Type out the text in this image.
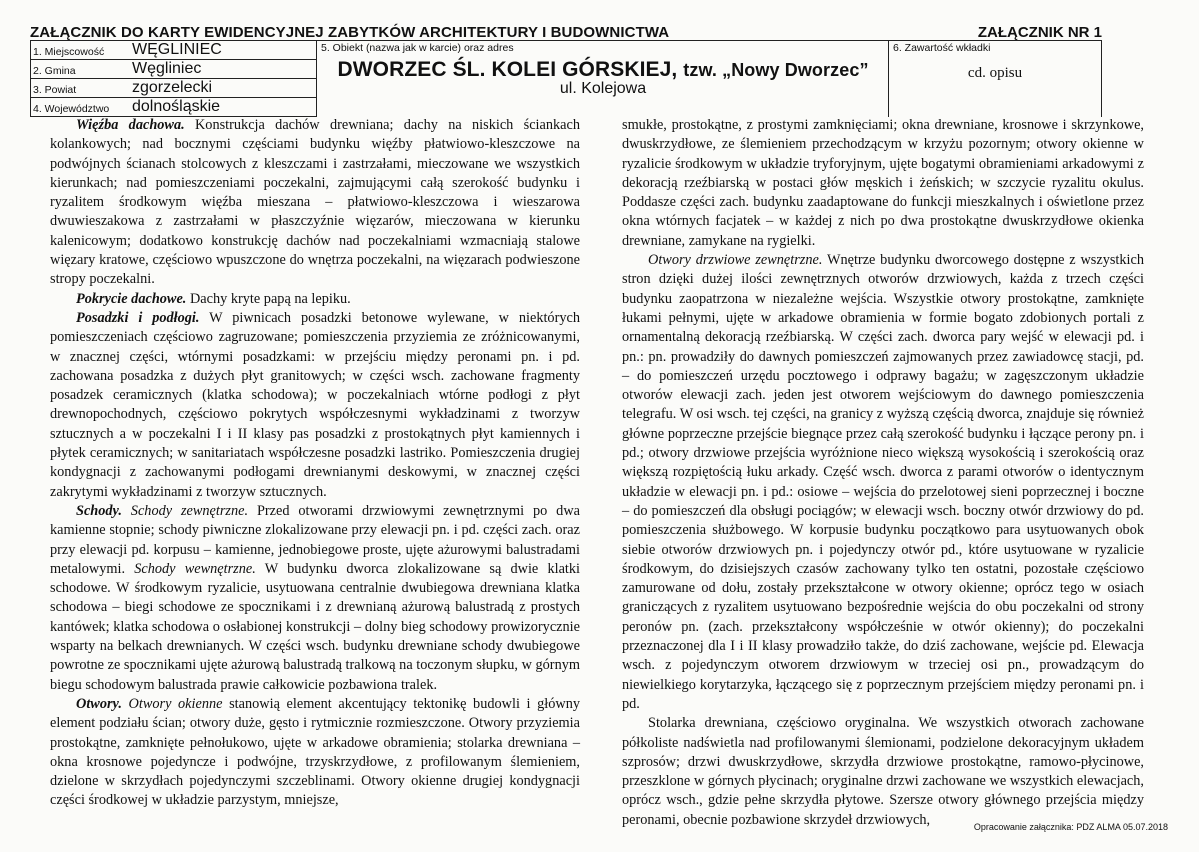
ZAŁĄCZNIK DO KARTY EWIDENCYJNEJ ZABYTKÓW ARCHITEKTURY I BUDOWNICTWA	ZAŁĄCZNIK NR 1
1. Miejscowość WĘGLINIEC
2. Gmina	Węgliniec
3. Powiat	zgorzelecki
4. Województwo dolnośląskie
5. Obiekt (nazwa jak w karcie) oraz adres
DWORZEC ŚL. KOLEI GÓRSKIEJ, tzw. „Nowy Dworzec”
ul. Kolejowa
6. Zawartość wkładki
cd. opisu

Więźba dachowa. Konstrukcja dachów drewniana; dachy na niskich ściankach kolankowych; nad bocznymi częściami budynku więźby płatwiowo-kleszczowe na podwójnych ścianach stolcowych z kleszczami i zastrzałami, mieczowane we wszystkich kierunkach; nad pomieszczeniami poczekalni, zajmującymi całą szerokość budynku i ryzalitem środkowym więźba mieszana – płatwiowo-kleszczowa i wieszarowa dwuwieszakowa z zastrzałami w płaszczyźnie więzarów, mieczowana w kierunku kalenicowym; dodatkowo konstrukcję dachów nad poczekalniami wzmacniają stalowe więzary kratowe, częściowo wpuszczone do wnętrza poczekalni, na więzarach podwieszone stropy poczekalni.

Pokrycie dachowe. Dachy kryte papą na lepiku.

Posadzki i podłogi. W piwnicach posadzki betonowe wylewane, w niektórych pomieszczeniach częściowo zagruzowane; pomieszczenia przyziemia ze zróżnicowanymi, w znacznej części, wtórnymi posadzkami: w przejściu między peronami pn. i pd. zachowana posadzka z dużych płyt granitowych; w części wsch. zachowane fragmenty posadzek ceramicznych (klatka schodowa); w poczekalniach wtórne podłogi z płyt drewnopochodnych, częściowo pokrytych współczesnymi wykładzinami z tworzyw sztucznych a w poczekalni I i II klasy pas posadzki z prostokątnych płyt kamiennych i płytek ceramicznych; w sanitariatach współczesne posadzki lastriko. Pomieszczenia drugiej kondygnacji z zachowanymi podłogami drewnianymi deskowymi, w znacznej części zakrytymi wykładzinami z tworzyw sztucznych.

Schody. Schody zewnętrzne. Przed otworami drzwiowymi zewnętrznymi po dwa kamienne stopnie; schody piwniczne zlokalizowane przy elewacji pn. i pd. części zach. oraz przy elewacji pd. korpusu – kamienne, jednobiegowe proste, ujęte ażurowymi balustradami metalowymi. Schody wewnętrzne. W budynku dworca zlokalizowane są dwie klatki schodowe. W środkowym ryzalicie, usytuowana centralnie dwubiegowa drewniana klatka schodowa – biegi schodowe ze spocznikami i z drewnianą ażurową balustradą z prostych kantówek; klatka schodowa o osłabionej konstrukcji – dolny bieg schodowy prowizorycznie wsparty na belkach drewnianych. W części wsch. budynku drewniane schody dwubiegowe powrotne ze spocznikami ujęte ażurową balustradą tralkową na toczonym słupku, w górnym biegu schodowym balustrada prawie całkowicie pozbawiona tralek.

Otwory. Otwory okienne stanowią element akcentujący tektonikę budowli i główny element podziału ścian; otwory duże, gęsto i rytmicznie rozmieszczone. Otwory przyziemia prostokątne, zamknięte pełnołukowo, ujęte w arkadowe obramienia; stolarka drewniana – okna krosnowe pojedyncze i podwójne, trzyskrzydłowe, z profilowanym ślemieniem, dzielone w skrzydłach pojedynczymi szczeblinami. Otwory okienne drugiej kondygnacji części środkowej w układzie parzystym, mniejsze,

smukłe, prostokątne, z prostymi zamknięciami; okna drewniane, krosnowe i skrzynkowe, dwuskrzydłowe, ze ślemieniem przechodzącym w krzyżu pozornym; otwory okienne w ryzalicie środkowym w układzie tryforyjnym, ujęte bogatymi obramieniami arkadowymi z dekoracją rzeźbiarską w postaci głów męskich i żeńskich; w szczycie ryzalitu okulus. Poddasze części zach. budynku zaadaptowane do funkcji mieszkalnych i oświetlone przez okna wtórnych facjatek – w każdej z nich po dwa prostokątne dwuskrzydłowe okienka drewniane, zamykane na rygielki.

Otwory drzwiowe zewnętrzne. Wnętrze budynku dworcowego dostępne z wszystkich stron dzięki dużej ilości zewnętrznych otworów drzwiowych, każda z trzech części budynku zaopatrzona w niezależne wejścia. Wszystkie otwory prostokątne, zamknięte łukami pełnymi, ujęte w arkadowe obramienia w formie bogato zdobionych portali z ornamentalną dekoracją rzeźbiarską. W części zach. dworca pary wejść w elewacji pd. i pn.: pn. prowadziły do dawnych pomieszczeń zajmowanych przez zawiadowcę stacji, pd. – do pomieszczeń urzędu pocztowego i odprawy bagażu; w zagęszczonym układzie otworów elewacji zach. jeden jest otworem wejściowym do dawnego pomieszczenia telegrafu. W osi wsch. tej części, na granicy z wyższą częścią dworca, znajduje się również główne poprzeczne przejście biegnące przez całą szerokość budynku i łączące perony pn. i pd.; otwory drzwiowe przejścia wyróżnione nieco większą wysokością i szerokością oraz większą rozpiętością łuku arkady. Część wsch. dworca z parami otworów o identycznym układzie w elewacji pn. i pd.: osiowe – wejścia do przelotowej sieni poprzecznej i boczne – do pomieszczeń dla obsługi pociągów; w elewacji wsch. boczny otwór drzwiowy do pd. pomieszczenia służbowego. W korpusie budynku początkowo para usytuowanych obok siebie otworów drzwiowych pn. i pojedynczy otwór pd., które usytuowane w ryzalicie środkowym, do dzisiejszych czasów zachowany tylko ten ostatni, pozostałe częściowo zamurowane od dołu, zostały przekształcone w otwory okienne; oprócz tego w osiach graniczących z ryzalitem usytuowano bezpośrednie wejścia do obu poczekalni od strony peronów pn. (zach. przekształcony współcześnie w otwór okienny); do poczekalni przeznaczonej dla I i II klasy prowadziło także, do dziś zachowane, wejście pd. Elewacja wsch. z pojedynczym otworem drzwiowym w trzeciej osi pn., prowadzącym do niewielkiego korytarzyka, łączącego się z poprzecznym przejściem między peronami pn. i pd.

Stolarka drewniana, częściowo oryginalna. We wszystkich otworach zachowane półkoliste nadświetla nad profilowanymi ślemionami, podzielone dekoracyjnym układem szprosów; drzwi dwuskrzydłowe, skrzydła drzwiowe prostokątne, ramowo-płycinowe, przeszklone w górnych płycinach; oryginalne drzwi zachowane we wszystkich elewacjach, oprócz wsch., gdzie pełne skrzydła płytowe. Szersze otwory głównego przejścia między peronami, obecnie pozbawione skrzydeł drzwiowych,	Opracowanie załącznika: PDZ ALMA 05.07.2018
